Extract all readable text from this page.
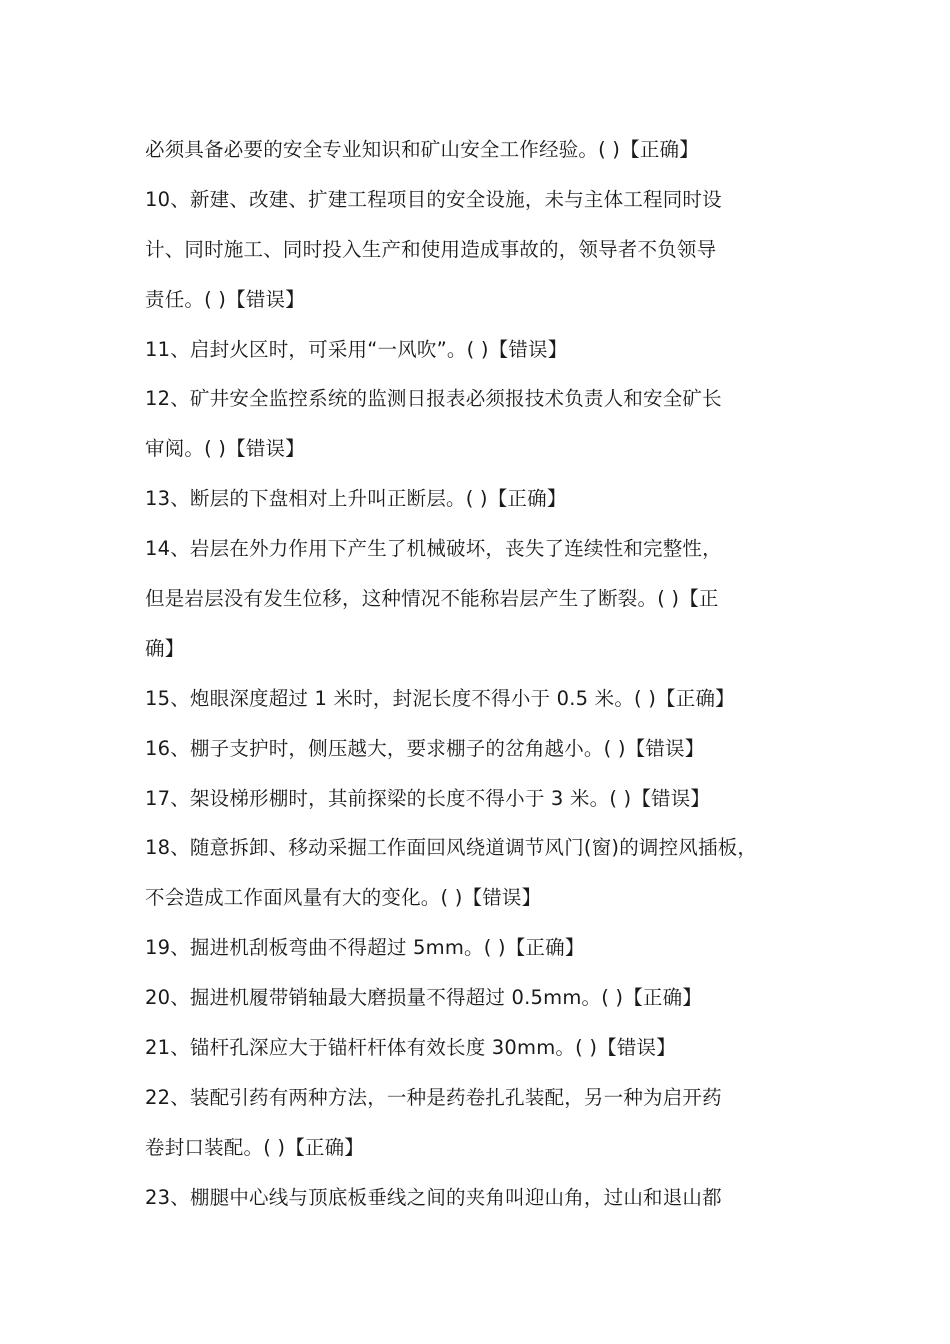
必须具备必要的安全专业知识和矿山安全工作经验。( )【正确】
10、新建、改建、扩建工程项目的安全设施，未与主体工程同时设
计、同时施工、同时投入生产和使用造成事故的，领导者不负领导
责任。( )【错误】
11、启封火区时，可采用“一风吹”。( )【错误】
12、矿井安全监控系统的监测日报表必须报技术负责人和安全矿长
审阅。( )【错误】
13、断层的下盘相对上升叫正断层。( )【正确】
14、岩层在外力作用下产生了机械破坏，丧失了连续性和完整性，
但是岩层没有发生位移，这种情况不能称岩层产生了断裂。( )【正
确】
15、炮眼深度超过 1 米时，封泥长度不得小于 0.5 米。( )【正确】
16、棚子支护时，侧压越大，要求棚子的岔角越小。( )【错误】
17、架设梯形棚时，其前探梁的长度不得小于 3 米。( )【错误】
18、随意拆卸、移动采掘工作面回风绕道调节风门(窗)的调控风插板，
不会造成工作面风量有大的变化。( )【错误】
19、掘进机刮板弯曲不得超过 5mm。( )【正确】
20、掘进机履带销轴最大磨损量不得超过 0.5mm。( )【正确】
21、锚杆孔深应大于锚杆杆体有效长度 30mm。( )【错误】
22、装配引药有两种方法，一种是药卷扎孔装配，另一种为启开药
卷封口装配。( )【正确】
23、棚腿中心线与顶底板垂线之间的夹角叫迎山角，过山和退山都
